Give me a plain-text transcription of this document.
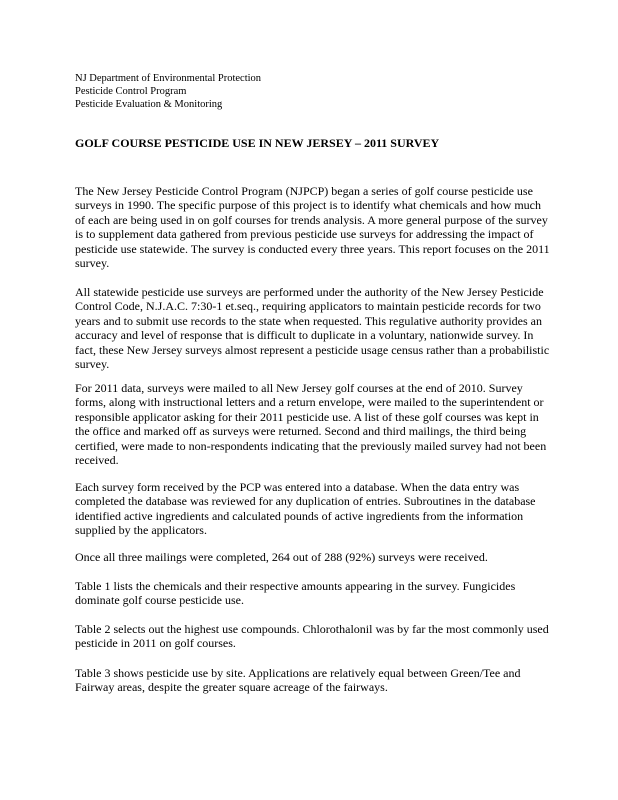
NJ Department of Environmental Protection
Pesticide Control Program
Pesticide Evaluation & Monitoring
GOLF COURSE PESTICIDE USE IN NEW JERSEY – 2011 SURVEY

The New Jersey Pesticide Control Program (NJPCP) began a series of golf course pesticide use surveys in 1990. The specific purpose of this project is to identify what chemicals and how much of each are being used in on golf courses for trends analysis. A more general purpose of the survey is to supplement data gathered from previous pesticide use surveys for addressing the impact of pesticide use statewide. The survey is conducted every three years. This report focuses on the 2011 survey.

All statewide pesticide use surveys are performed under the authority of the New Jersey Pesticide Control Code, N.J.A.C. 7:30-1 et.seq., requiring applicators to maintain pesticide records for two years and to submit use records to the state when requested. This regulative authority provides an accuracy and level of response that is difficult to duplicate in a voluntary, nationwide survey. In fact, these New Jersey surveys almost represent a pesticide usage census rather than a probabilistic survey.

For 2011 data, surveys were mailed to all New Jersey golf courses at the end of 2010. Survey forms, along with instructional letters and a return envelope, were mailed to the superintendent or responsible applicator asking for their 2011 pesticide use. A list of these golf courses was kept in the office and marked off as surveys were returned. Second and third mailings, the third being certified, were made to non-respondents indicating that the previously mailed survey had not been received.

Each survey form received by the PCP was entered into a database. When the data entry was completed the database was reviewed for any duplication of entries. Subroutines in the database identified active ingredients and calculated pounds of active ingredients from the information supplied by the applicators.

Once all three mailings were completed, 264 out of 288 (92%) surveys were received.

Table 1 lists the chemicals and their respective amounts appearing in the survey. Fungicides dominate golf course pesticide use.

Table 2 selects out the highest use compounds. Chlorothalonil was by far the most commonly used pesticide in 2011 on golf courses.

Table 3 shows pesticide use by site. Applications are relatively equal between Green/Tee and Fairway areas, despite the greater square acreage of the fairways.
